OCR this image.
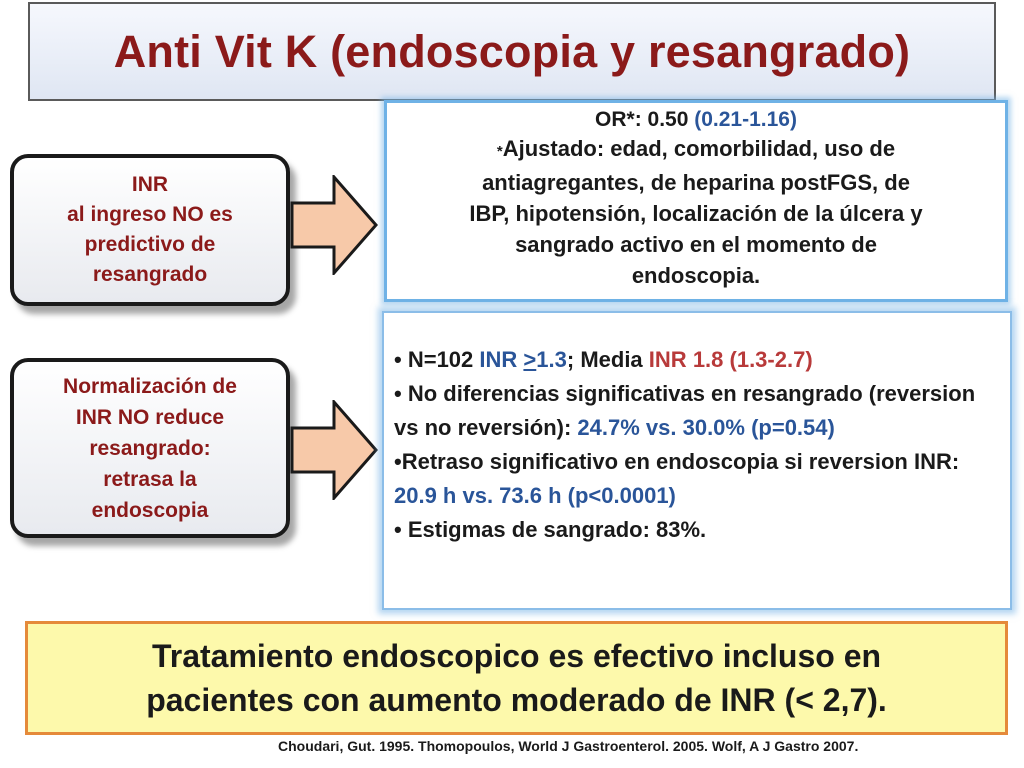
Anti Vit K (endoscopia y resangrado)
INR
al ingreso NO es
predictivo de
resangrado
Normalización de
INR NO reduce
resangrado:
retrasa la
endoscopia
OR*: 0.50 (0.21-1.16)
*Ajustado: edad, comorbilidad, uso de
antiagregantes, de heparina postFGS, de
IBP, hipotensión, localización de la úlcera y
sangrado activo en el momento de
endoscopia.

• N=102 INR ≥1.3; Media INR 1.8 (1.3-2.7)

• No diferencias significativas en resangrado (reversion vs no reversión): 24.7% vs. 30.0% (p=0.54)

•Retraso significativo en endoscopia si reversion INR: 20.9 h vs. 73.6 h (p<0.0001)

• Estigmas de sangrado: 83%.

Tratamiento endoscopico es efectivo incluso en
pacientes con aumento moderado de INR (< 2,7).
Choudari, Gut. 1995. Thomopoulos, World J Gastroenterol. 2005. Wolf, A J Gastro 2007.
